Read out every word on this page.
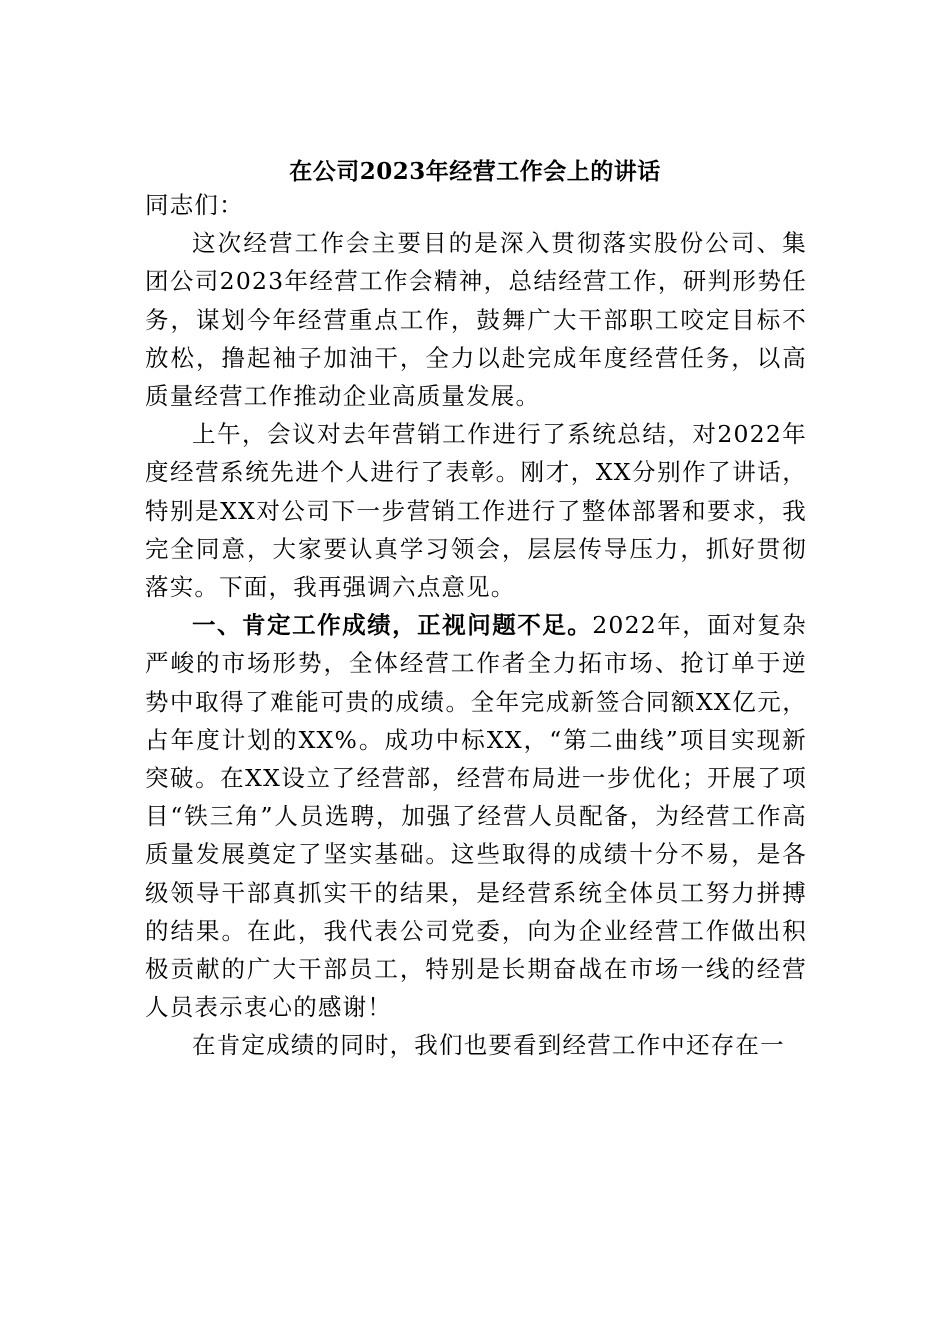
在公司2023年经营工作会上的讲话

同志们：

这次经营工作会主要目的是深入贯彻落实股份公司、集团公司2023年经营工作会精神，总结经营工作，研判形势任务，谋划今年经营重点工作，鼓舞广大干部职工咬定目标不放松，撸起袖子加油干，全力以赴完成年度经营任务，以高质量经营工作推动企业高质量发展。

上午，会议对去年营销工作进行了系统总结，对2022年度经营系统先进个人进行了表彰。刚才，XX分别作了讲话，特别是XX对公司下一步营销工作进行了整体部署和要求，我完全同意，大家要认真学习领会，层层传导压力，抓好贯彻落实。下面，我再强调六点意见。

一、肯定工作成绩，正视问题不足。2022年，面对复杂严峻的市场形势，全体经营工作者全力拓市场、抢订单于逆势中取得了难能可贵的成绩。全年完成新签合同额XX亿元，占年度计划的XX%。成功中标XX，“第二曲线”项目实现新突破。在XX设立了经营部，经营布局进一步优化；开展了项目“铁三角”人员选聘，加强了经营人员配备，为经营工作高质量发展奠定了坚实基础。这些取得的成绩十分不易，是各级领导干部真抓实干的结果，是经营系统全体员工努力拼搏的结果。在此，我代表公司党委，向为企业经营工作做出积极贡献的广大干部员工，特别是长期奋战在市场一线的经营人员表示衷心的感谢！

在肯定成绩的同时，我们也要看到经营工作中还存在一
